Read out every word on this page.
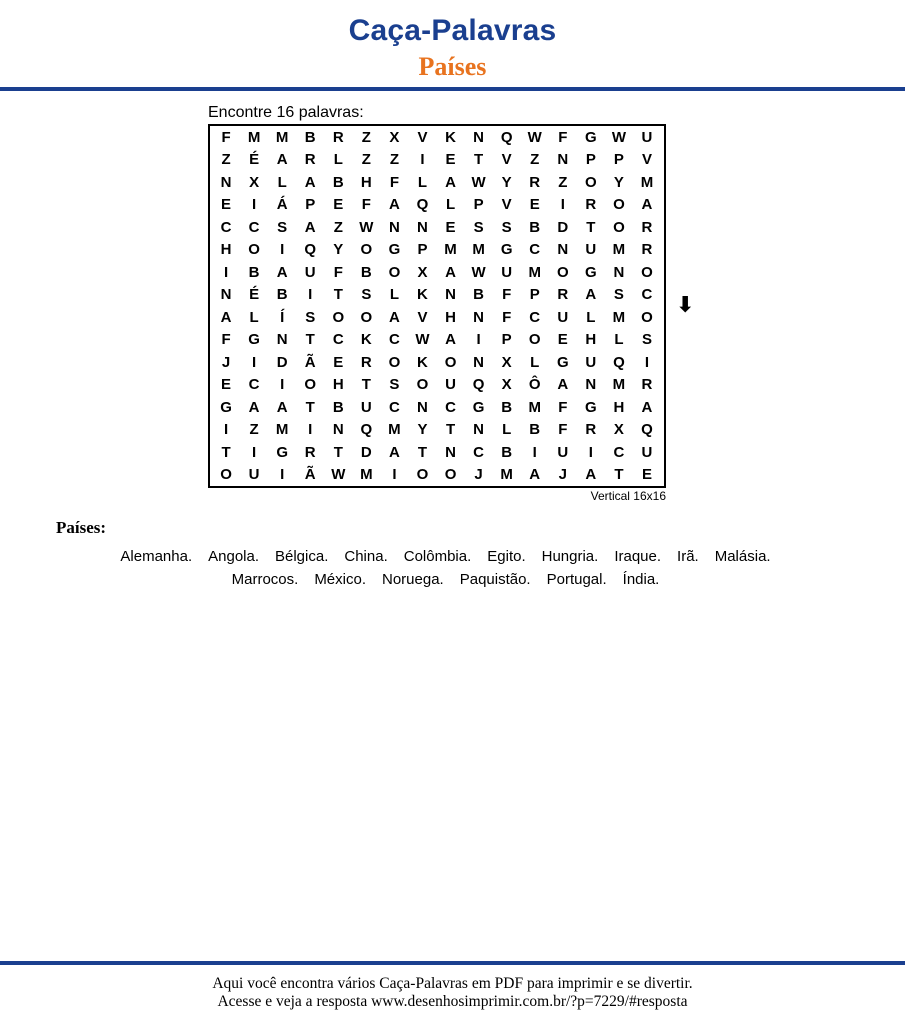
Caça-Palavras
Países
Encontre 16 palavras:
F	M	M	B	R	Z	X	V	K	N	Q	W	F	G	W	U
Z	É	A	R	L	Z	Z	I	E	T	V	Z	N	P	P	V
N	X	L	A	B	H	F	L	A	W	Y	R	Z	O	Y	M
E	I	Á	P	E	F	A	Q	L	P	V	E	I	R	O	A
C	C	S	A	Z	W	N	N	E	S	S	B	D	T	O	R
H	O	I	Q	Y	O	G	P	M	M	G	C	N	U	M	R
I	B	A	U	F	B	O	X	A	W	U	M	O	G	N	O
N	É	B	I	T	S	L	K	N	B	F	P	R	A	S	C
A	L	Í	S	O	O	A	V	H	N	F	C	U	L	M	O
F	G	N	T	C	K	C	W	A	I	P	O	E	H	L	S
J	I	D	Ã	E	R	O	K	O	N	X	L	G	U	Q	I
E	C	I	O	H	T	S	O	U	Q	X	Ô	A	N	M	R
G	A	A	T	B	U	C	N	C	G	B	M	F	G	H	A
I	Z	M	I	N	Q	M	Y	T	N	L	B	F	R	X	Q
T	I	G	R	T	D	A	T	N	C	B	I	U	I	C	U
O	U	I	Ã	W M	I	O	O	J	M	A	J	A	T	E
⬇
Vertical 16x16
Países:
Alemanha. Angola. Bélgica. China. Colômbia. Egito. Hungria. Iraque. Irã. Malásia.
Marrocos. México. Noruega. Paquistão. Portugal. Índia.
Aqui você encontra vários Caça-Palavras em PDF para imprimir e se divertir.
Acesse e veja a resposta www.desenhosimprimir.com.br/?p=7229/#resposta
